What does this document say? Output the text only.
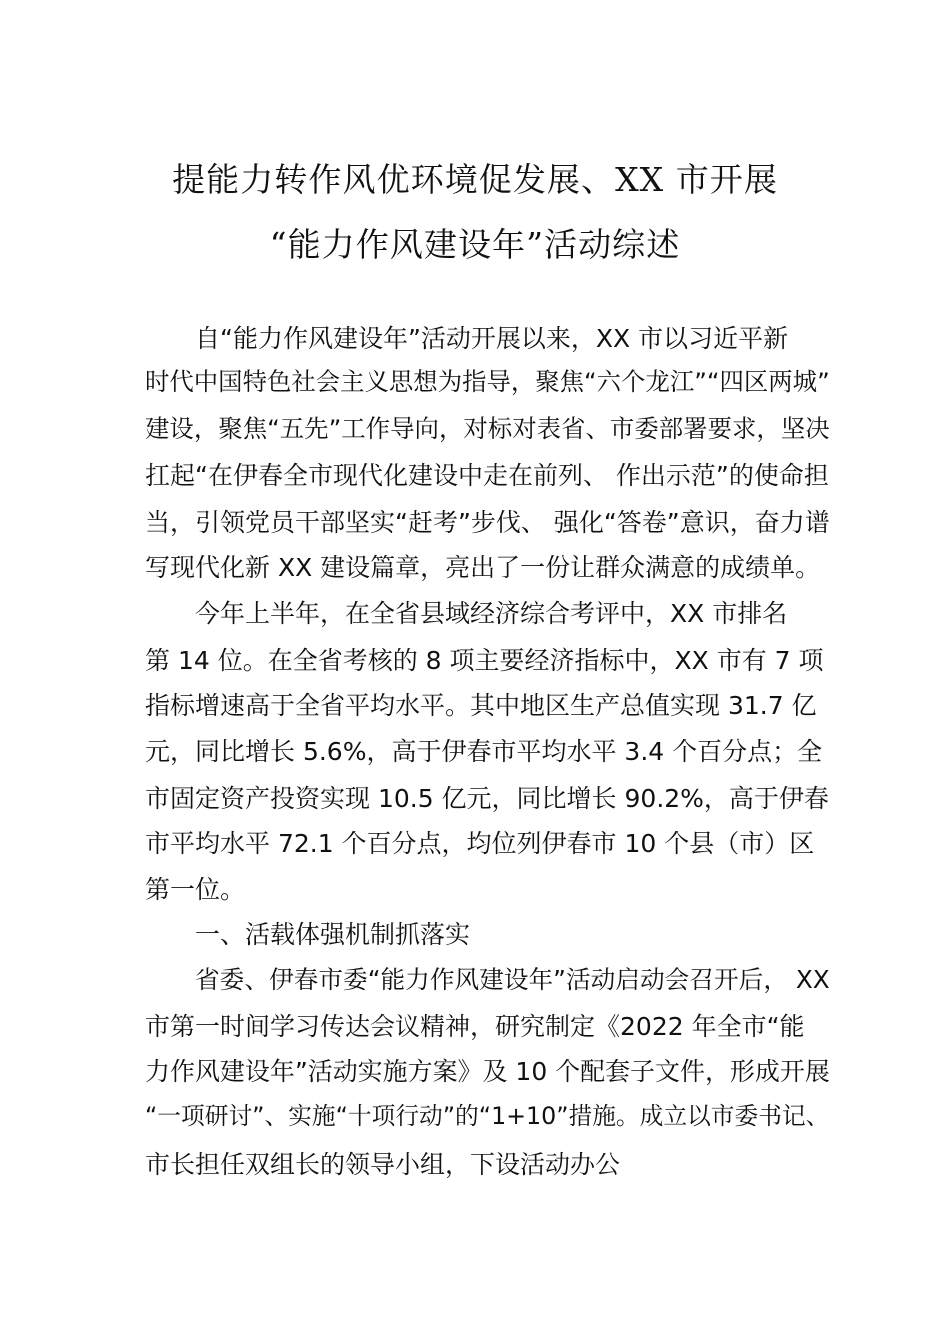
提能力转作风优环境促发展、XX 市开展
“能力作风建设年”活动综述
自“能力作风建设年”活动开展以来，XX 市以习近平新
时代中国特色社会主义思想为指导，聚焦“六个龙江”“四区两城”
建设，聚焦“五先”工作导向，对标对表省、市委部署要求，坚决
扛起“在伊春全市现代化建设中走在前列、 作出示范”的使命担
当，引领党员干部坚实“赶考”步伐、 强化“答卷”意识，奋力谱
写现代化新 XX 建设篇章，亮出了一份让群众满意的成绩单。
今年上半年，在全省县域经济综合考评中，XX 市排名
第 14 位。在全省考核的 8 项主要经济指标中，XX 市有 7 项
指标增速高于全省平均水平。其中地区生产总值实现 31.7 亿
元，同比增长 5.6%，高于伊春市平均水平 3.4 个百分点；全
市固定资产投资实现 10.5 亿元，同比增长 90.2%，高于伊春
市平均水平 72.1 个百分点，均位列伊春市 10 个县（市）区
第一位。
一、活载体强机制抓落实
省委、伊春市委“能力作风建设年”活动启动会召开后， XX
市第一时间学习传达会议精神，研究制定《2022 年全市“能
力作风建设年”活动实施方案》及 10 个配套子文件，形成开展
“一项研讨”、实施“十项行动”的“1+10”措施。成立以市委书记、
市长担任双组长的领导小组，下设活动办公
